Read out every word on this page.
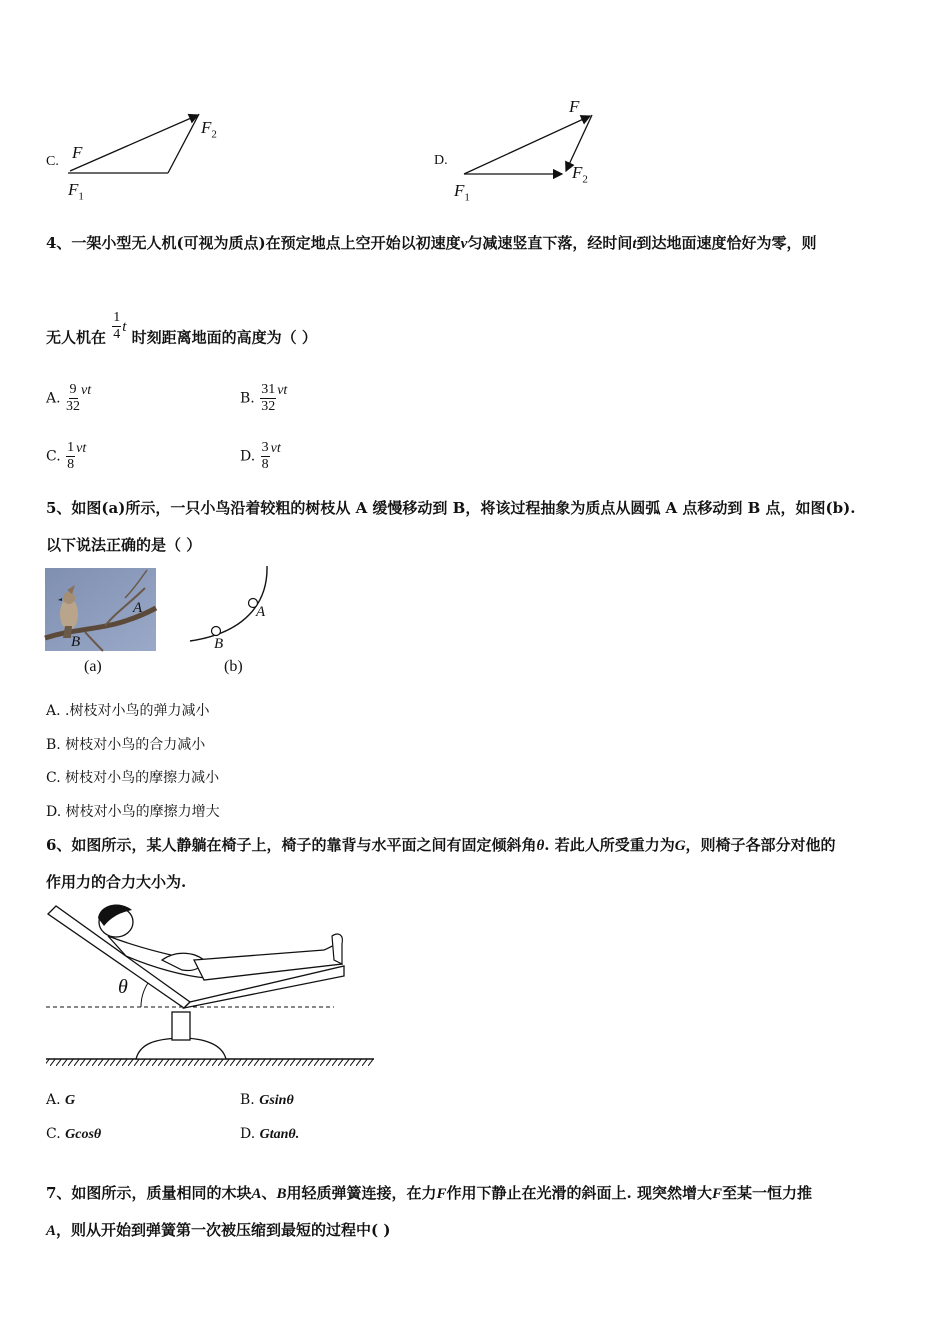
C. F
$F_1$
$F_2$
D.
F
$F_1$
$F_2$
4、一架小型无人机(可视为质点)在预定地点上空开始以初速度v匀减速竖直下落，经时间t到达地面速度恰好为零，则
无人机在 $\frac{1}{4}$ t 时刻距离地面的高度为（ ）
A. $\frac{9}{32}$ vt
B. $\frac{31}{32}$ vt
C. $\frac{1}{8}$ vt
D. $\frac{3}{8}$ vt
5、如图(a)所示，一只小鸟沿着较粗的树枝从 A 缓慢移动到 B，将该过程抽象为质点从圆弧 A 点移动到 B 点，如图(b).
以下说法正确的是（ ）
A
B
(a)
A
B
(b)
A. .树枝对小鸟的弹力减小
B. 树枝对小鸟的合力减小
C. 树枝对小鸟的摩擦力减小
D. 树枝对小鸟的摩擦力增大
6、如图所示，某人静躺在椅子上，椅子的靠背与水平面之间有固定倾斜角θ. 若此人所受重力为G，则椅子各部分对他的
作用力的合力大小为.
θ
A. G	B. Gsinθ
C. Gcosθ	D. Gtanθ.
7、如图所示，质量相同的木块A、B用轻质弹簧连接，在力F作用下静止在光滑的斜面上. 现突然增大F至某一恒力推
A，则从开始到弹簧第一次被压缩到最短的过程中( )
